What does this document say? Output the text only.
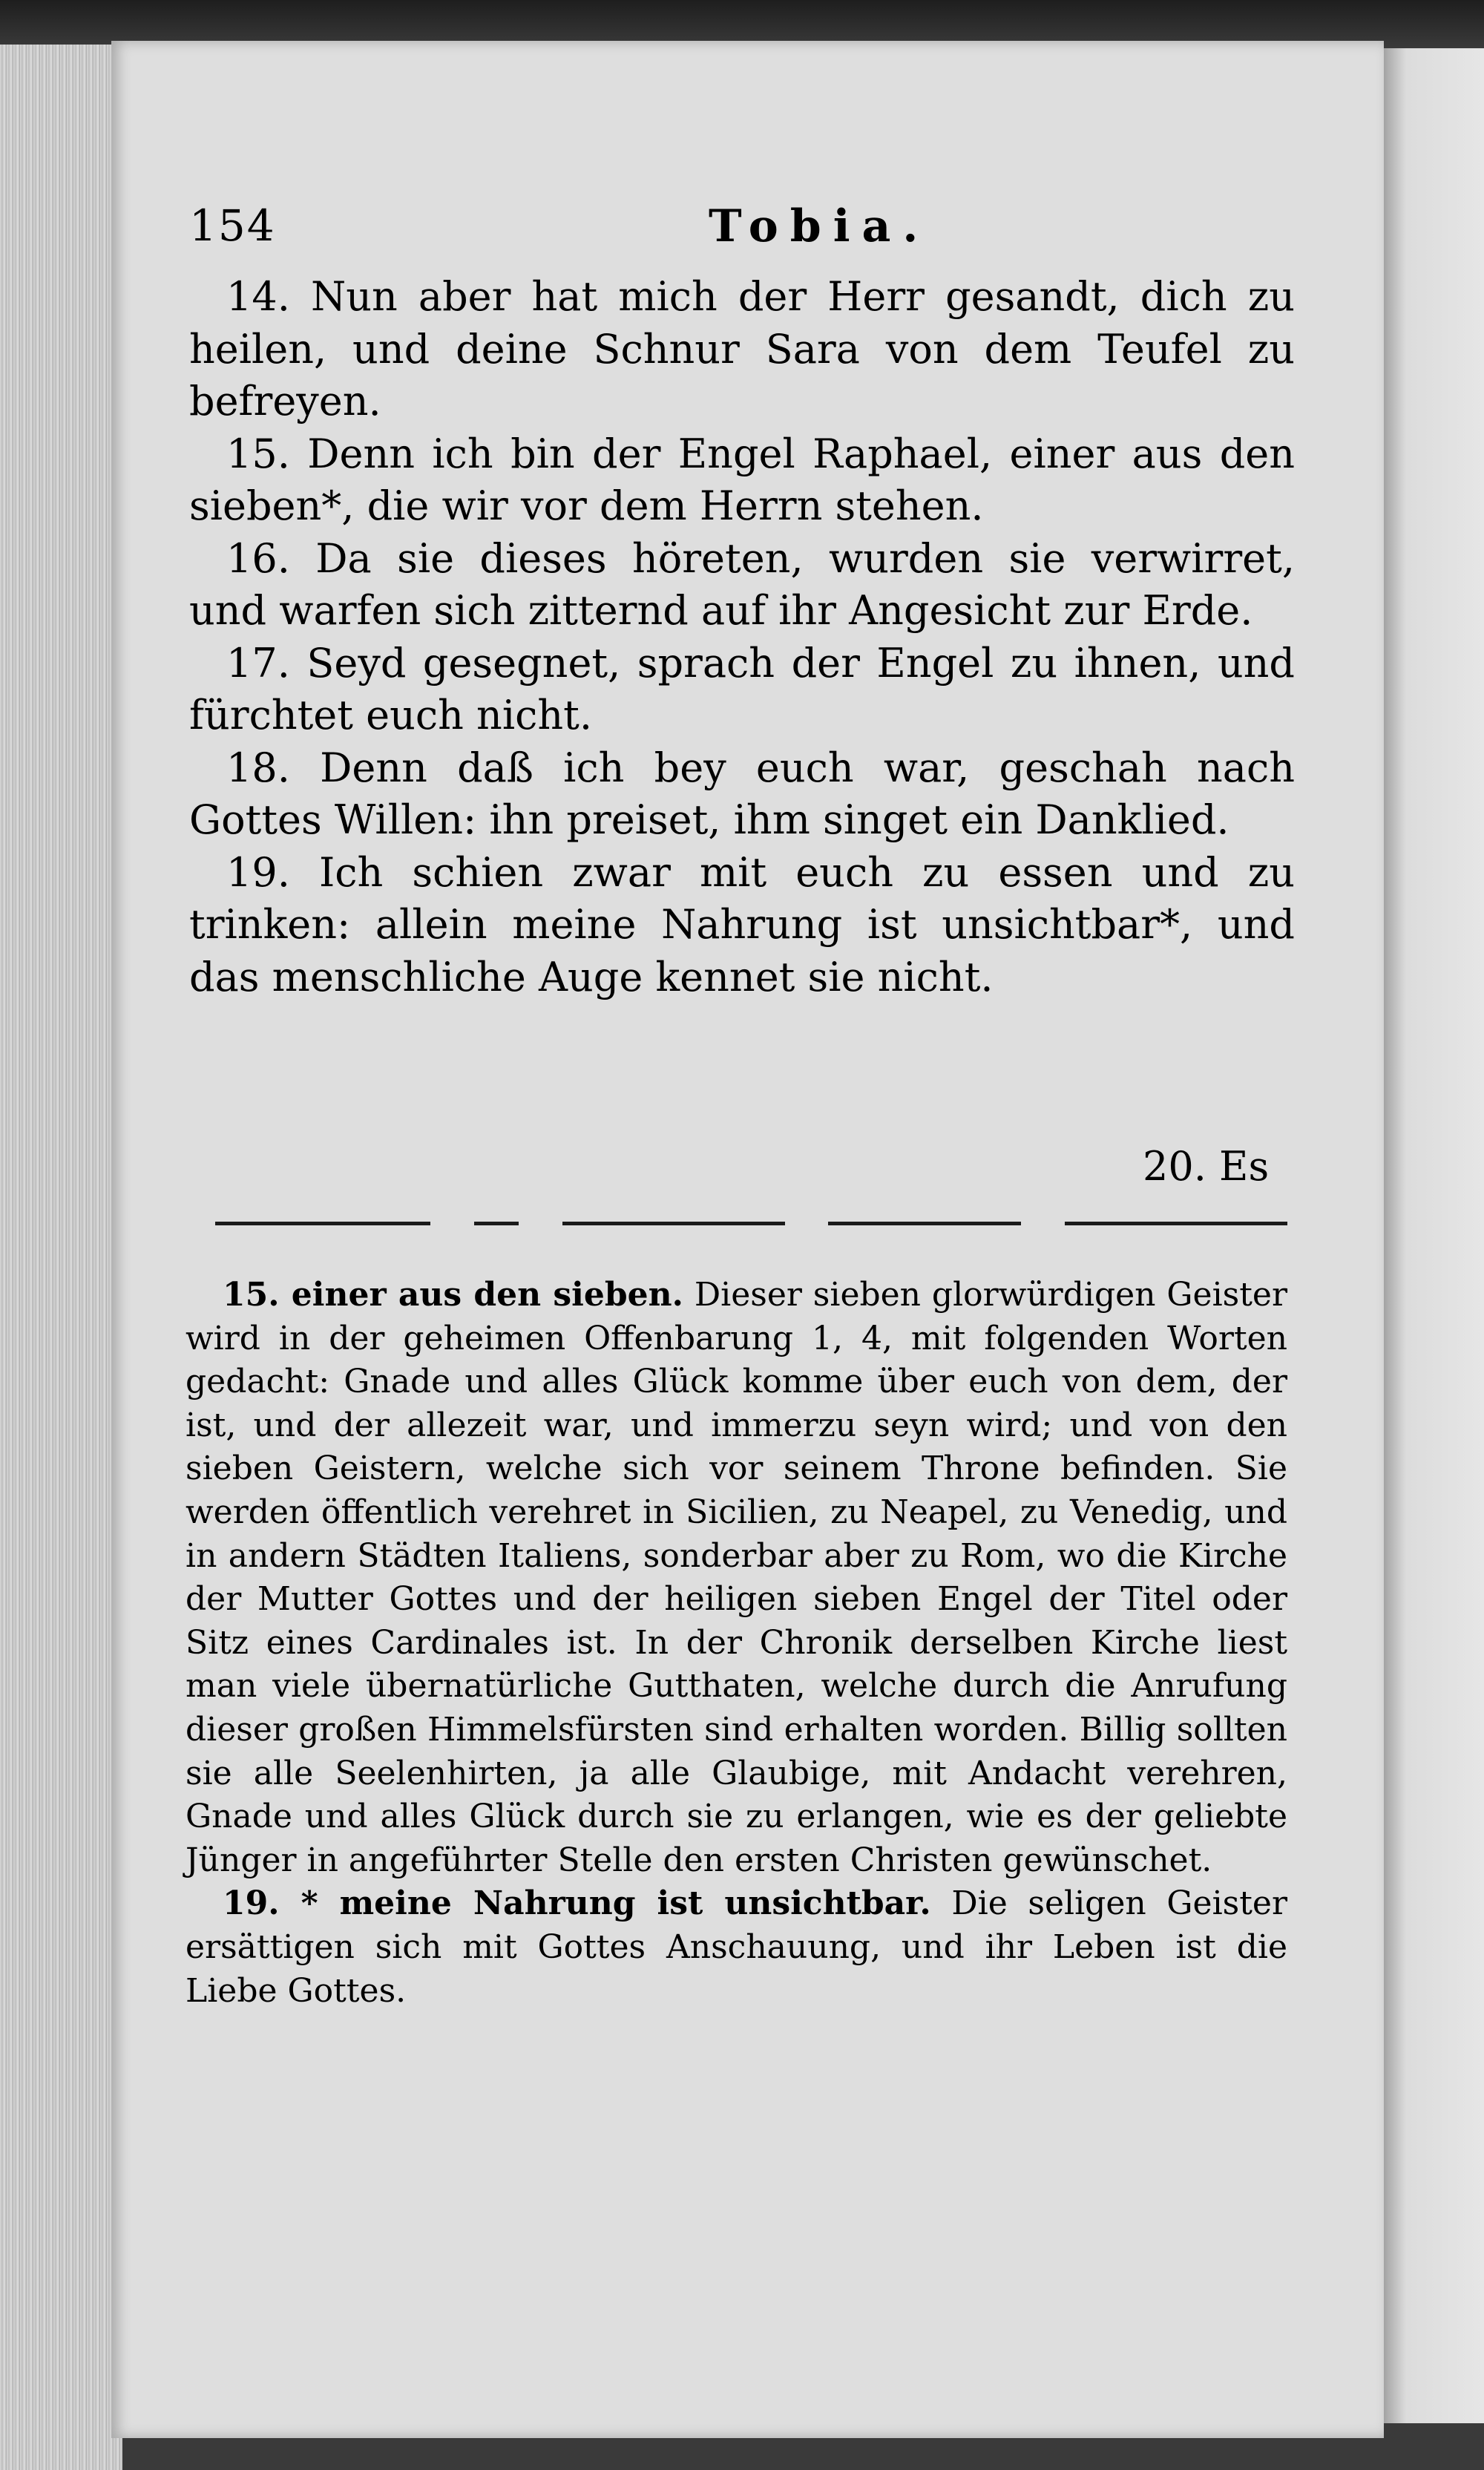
154	Tobia.

14. Nun aber hat mich der Herr gesandt, dich zu heilen, und deine Schnur Sara von dem Teufel zu befreyen.

15. Denn ich bin der Engel Raphael, einer aus den sieben*, die wir vor dem Herrn stehen.

16. Da sie dieses höreten, wurden sie verwirret, und warfen sich zitternd auf ihr Angesicht zur Erde.

17. Seyd gesegnet, sprach der Engel zu ihnen, und fürchtet euch nicht.

18. Denn daß ich bey euch war, geschah nach Gottes Willen: ihn preiset, ihm singet ein Danklied.

19. Ich schien zwar mit euch zu essen und zu trinken: allein meine Nahrung ist unsichtbar*, und das menschliche Auge kennet sie nicht.

20. Es

15. einer aus den sieben. Dieser sieben glorwürdigen Geister wird in der geheimen Offenbarung 1, 4, mit folgenden Worten gedacht: Gnade und alles Glück komme über euch von dem, der ist, und der allezeit war, und immerzu seyn wird; und von den sieben Geistern, welche sich vor seinem Throne befinden. Sie werden öffentlich verehret in Sicilien, zu Neapel, zu Venedig, und in andern Städten Italiens, sonderbar aber zu Rom, wo die Kirche der Mutter Gottes und der heiligen sieben Engel der Titel oder Sitz eines Cardinales ist. In der Chronik derselben Kirche liest man viele übernatürliche Gutthaten, welche durch die Anrufung dieser großen Himmelsfürsten sind erhalten worden. Billig sollten sie alle Seelenhirten, ja alle Glaubige, mit Andacht verehren, Gnade und alles Glück durch sie zu erlangen, wie es der geliebte Jünger in angeführter Stelle den ersten Christen gewünschet.

19. * meine Nahrung ist unsichtbar. Die seligen Geister ersättigen sich mit Gottes Anschauung, und ihr Leben ist die Liebe Gottes.
